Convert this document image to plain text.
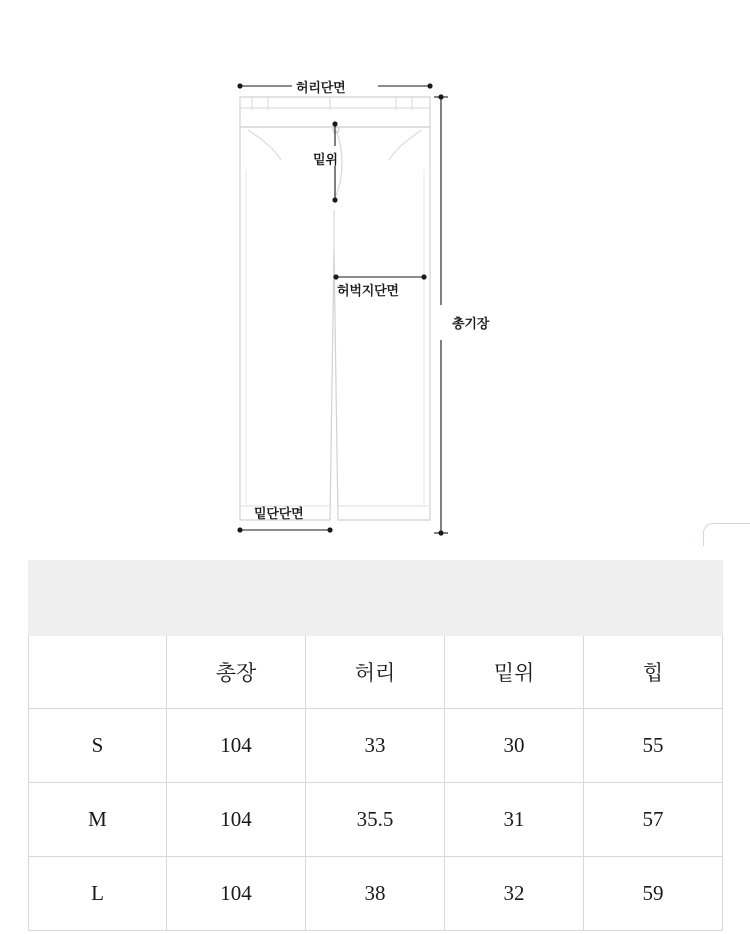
허리단면
밑위
허벅지단면
밑단단면
총기장

	총장	허리	밑위	힙
S	104	33	30	55
M	104	35.5	31	57
L	104	38	32	59
